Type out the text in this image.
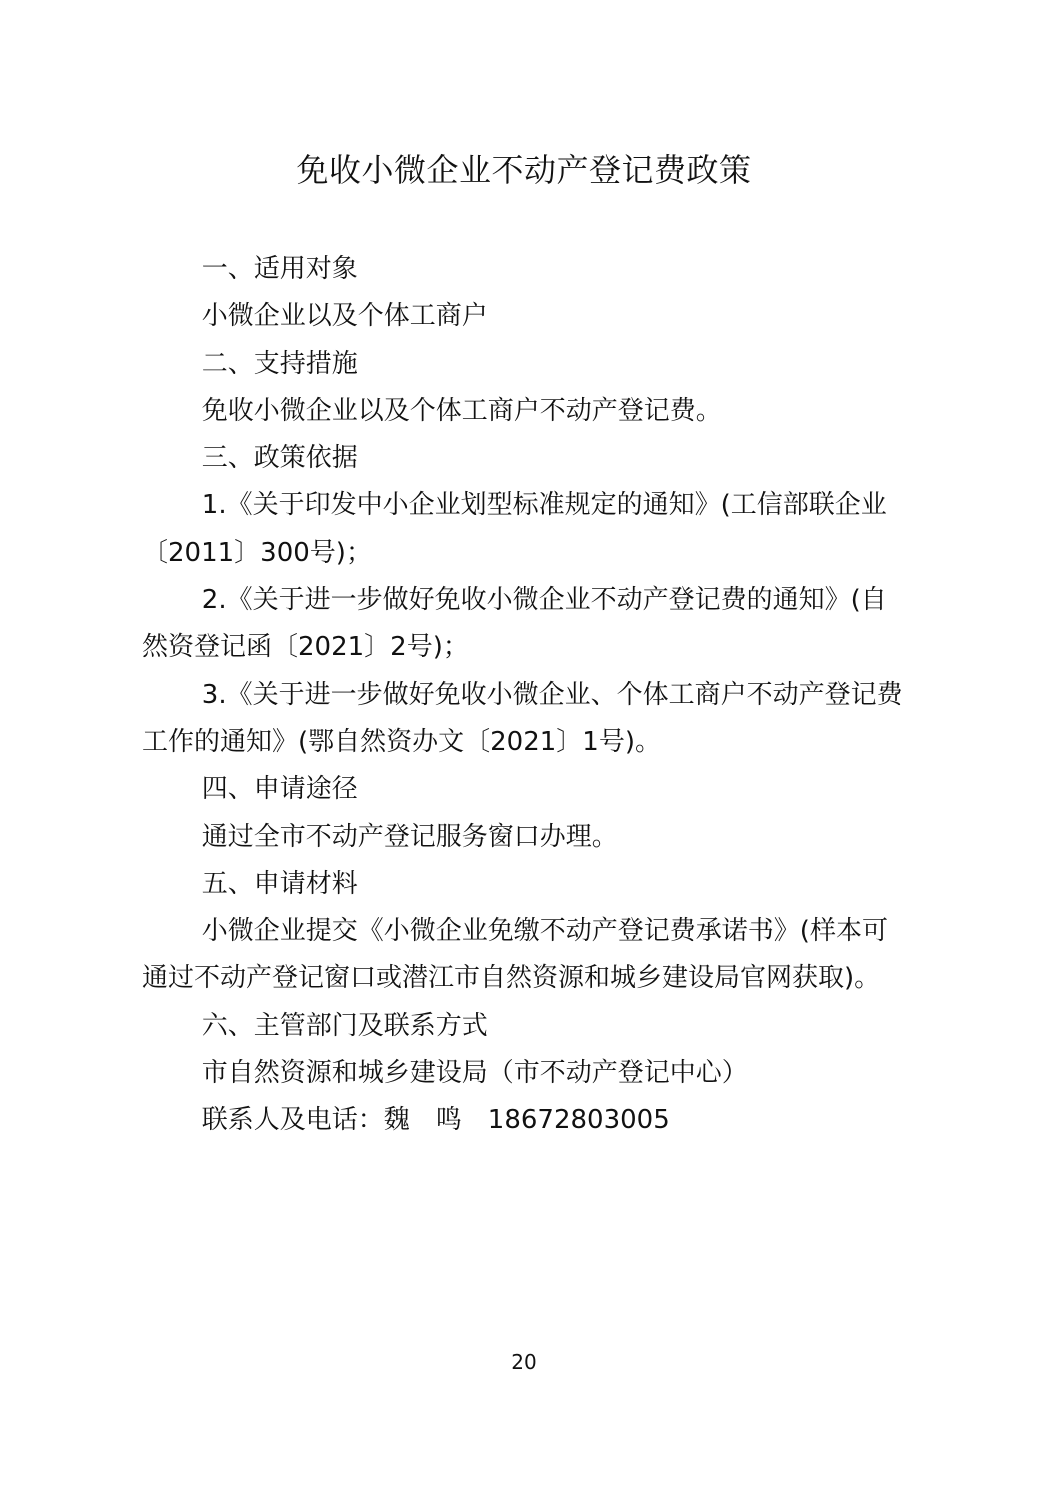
免收小微企业不动产登记费政策

一、适用对象

小微企业以及个体工商户

二、支持措施

免收小微企业以及个体工商户不动产登记费。

三、政策依据

1.《关于印发中小企业划型标准规定的通知》(工信部联企业〔2011〕300号)；

2.《关于进一步做好免收小微企业不动产登记费的通知》(自然资登记函〔2021〕2号)；

3.《关于进一步做好免收小微企业、个体工商户不动产登记费工作的通知》(鄂自然资办文〔2021〕1号)。

四、申请途径

通过全市不动产登记服务窗口办理。

五、申请材料

小微企业提交《小微企业免缴不动产登记费承诺书》(样本可通过不动产登记窗口或潜江市自然资源和城乡建设局官网获取)。

六、主管部门及联系方式

市自然资源和城乡建设局（市不动产登记中心）

联系人及电话：魏　鸣　18672803005

20
